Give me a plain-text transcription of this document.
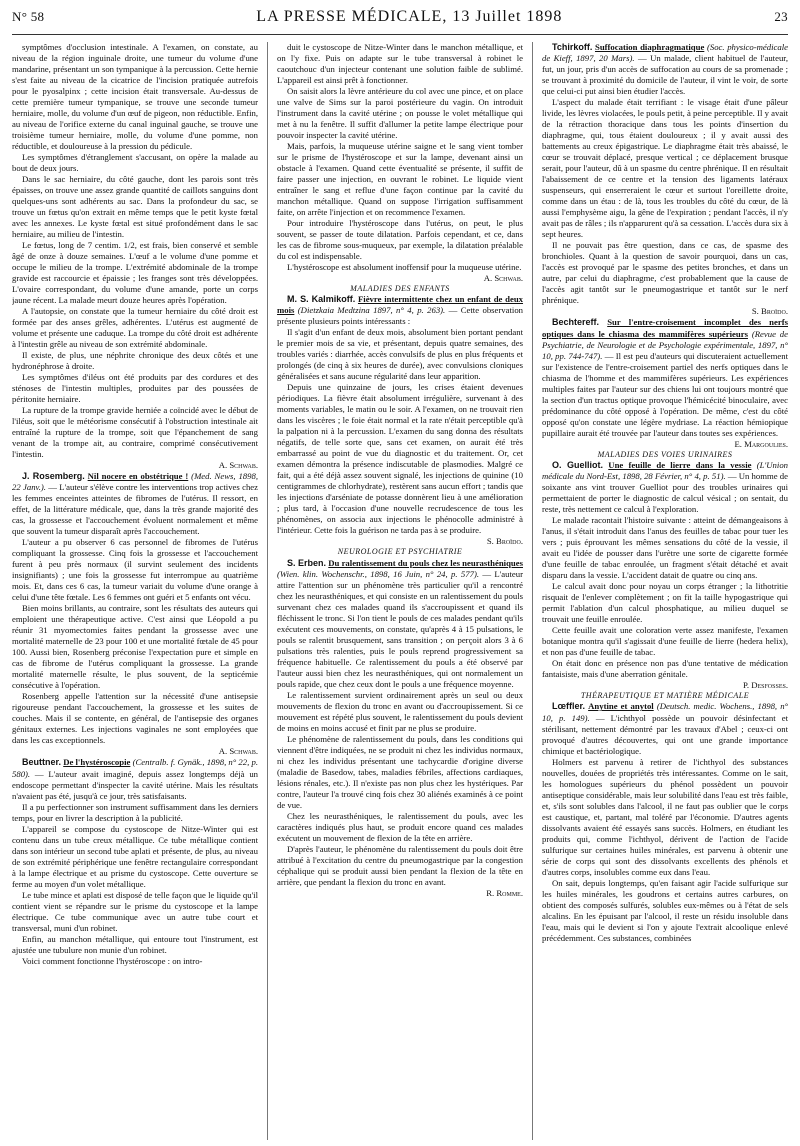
N° 58	LA PRESSE MÉDICALE, 13 Juillet 1898	23

symptômes d'occlusion intestinale. A l'examen, on constate, au niveau de la région inguinale droite, une tumeur du volume d'une mandarine, présentant un son tympanique à la percussion. Cette hernie s'est faite au niveau de la cicatrice de l'incision pratiquée autrefois pour le pyosalpinx ; cette incision était transversale. Au-dessus de cette première tumeur tympanique, se trouve une seconde tumeur herniaire, molle, du volume d'un œuf de pigeon, non réductible. Enfin, au niveau de l'orifice externe du canal inguinal gauche, se trouve une troisième tumeur herniaire, molle, du volume d'une pomme, non réductible, et douloureuse à la pression du pédicule.

Les symptômes d'étranglement s'accusant, on opère la malade au bout de deux jours.

Dans le sac herniaire, du côté gauche, dont les parois sont très épaisses, on trouve une assez grande quantité de caillots sanguins dont quelques-uns sont adhérents au sac. Dans la profondeur du sac, se trouve un fœtus qu'on extrait en même temps que le petit kyste fœtal avec les annexes. Le kyste fœtal est situé profondément dans le sac herniaire, au milieu de l'intestin.

Le fœtus, long de 7 centim. 1/2, est frais, bien conservé et semble âgé de onze à douze semaines. L'œuf a le volume d'une pomme et occupe le milieu de la trompe. L'extrémité abdominale de la trompe gravide est raccourcie et épaissie ; les franges sont très développées. L'ovaire correspondant, du volume d'une amande, porte un corps jaune récent. La malade meurt douze heures après l'opération.

A l'autopsie, on constate que la tumeur herniaire du côté droit est formée par des anses grêles, adhérentes. L'utérus est augmenté de volume et présente une caduque. La trompe du côté droit est adhérente à l'intestin grêle au niveau de son extrémité abdominale.

Il existe, de plus, une néphrite chronique des deux côtés et une hydronéphrose à droite.

Les symptômes d'iléus ont été produits par des cordures et des sténoses de l'intestin multiples, produites par des poussées de péritonite herniaire.

La rupture de la trompe gravide herniée a coïncidé avec le début de l'iléus, soit que le météorisme consécutif à l'obstruction intestinale ait entraîné la rupture de la trompe, soit que l'épanchement de sang venant de la trompe ait, au contraire, comprimé consécutivement l'intestin.

A. Schwab.

J. Rosemberg. Nil nocere en obstétrique ! (Med. News, 1898, 22 Janv.). — L'auteur s'élève contre les interventions trop actives chez les femmes enceintes atteintes de fibromes de l'utérus. Il ressort, en effet, de la littérature médicale, que, dans la très grande majorité des cas, la grossesse et l'accouchement évoluent normalement et même que souvent la tumeur disparaît après l'accouchement.

L'auteur a pu observer 6 cas personnel de fibromes de l'utérus compliquant la grossesse. Cinq fois la grossesse et l'accouchement furent à peu près normaux (il survint seulement des incidents insignifiants) ; une fois la grossesse fut interrompue au quatrième mois. Et, dans ces 6 cas, la tumeur variait du volume d'une orange à celui d'une tête fœtale. Les 6 femmes ont guéri et 5 enfants ont vécu.

Bien moins brillants, au contraire, sont les résultats des auteurs qui emploient une thérapeutique active. C'est ainsi que Léopold a pu réunir 31 myomectomies faites pendant la grossesse avec une mortalité maternelle de 23 pour 100 et une mortalité fœtale de 45 pour 100. Aussi bien, Rosenberg préconise l'expectation pure et simple en cas de fibrome de l'utérus compliquant la grossesse. La grande mortalité maternelle résulte, le plus souvent, de la septicémie consécutive à l'opération.

Rosenberg appelle l'attention sur la nécessité d'une antisepsie rigoureuse pendant l'accouchement, la grossesse et les suites de couches. Mais il se contente, en général, de l'antisepsie des organes génitaux externes. Les injections vaginales ne sont employées que dans les cas exceptionnels.

A. Schwab.

Beuttner. De l'hystéroscopie (Centralb. f. Gynäk., 1898, n° 22, p. 580). — L'auteur avait imaginé, depuis assez longtemps déjà un endoscope permettant d'inspecter la cavité utérine. Mais les résultats n'avaient pas été, jusqu'à ce jour, très satisfaisants.

Il a pu perfectionner son instrument suffisamment dans les derniers temps, pour en livrer la description à la publicité.

L'appareil se compose du cystoscope de Nitze-Winter qui est contenu dans un tube creux métallique. Ce tube métallique contient dans son intérieur un second tube aplati et présente, de plus, au niveau de son extrémité périphérique une fenêtre rectangulaire correspondant à la lampe électrique et au prisme du cystoscope. Cette ouverture se ferme au moyen d'un volet métallique.

Le tube mince et aplati est disposé de telle façon que le liquide qu'il contient vient se répandre sur le prisme du cystoscope et la lampe électrique. Ce tube communique avec un autre tube court et transversal, muni d'un robinet.

Enfin, au manchon métallique, qui entoure tout l'instrument, est ajustée une tubulure non munie d'un robinet.

Voici comment fonctionne l'hystéroscope : on intro-

duit le cystoscope de Nitze-Winter dans le manchon métallique, et on l'y fixe. Puis on adapte sur le tube transversal à robinet le caoutchouc d'un injecteur contenant une solution faible de sublimé. L'appareil est ainsi prêt à fonctionner.

On saisit alors la lèvre antérieure du col avec une pince, et on place une valve de Sims sur la paroi postérieure du vagin. On introduit l'instrument dans la cavité utérine ; on pousse le volet métallique qui met à nu la fenêtre. Il suffit d'allumer la petite lampe électrique pour pouvoir inspecter la cavité utérine.

Mais, parfois, la muqueuse utérine saigne et le sang vient tomber sur le prisme de l'hystéroscope et sur la lampe, devenant ainsi un obstacle à l'examen. Quand cette éventualité se présente, il suffit de faire passer une injection, en ouvrant le robinet. Le liquide vient entraîner le sang et reflue d'une façon continue par la cavité du manchon métallique. Quand on suppose l'irrigation suffisamment faite, on arrête l'injection et on recommence l'examen.

Pour introduire l'hystéroscope dans l'utérus, on peut, le plus souvent, se passer de toute dilatation. Parfois cependant, et ce, dans les cas de fibrome sous-muqueux, par exemple, la dilatation préalable du col est indispensable.

L'hystéroscope est absolument inoffensif pour la muqueuse utérine.

A. Schwab.

MALADIES DES ENFANTS

M. S. Kalmikoff. Fièvre intermittente chez un enfant de deux mois (Dietzkaia Medtzina 1897, n° 4, p. 263). — Cette observation présente plusieurs points intéressants :

Il s'agit d'un enfant de deux mois, absolument bien portant pendant le premier mois de sa vie, et présentant, depuis quatre semaines, des troubles variés : diarrhée, accès convulsifs de plus en plus fréquents et prolongés (de cinq à six heures de durée), avec convulsions cloniques généralisées et sans aucune régularité dans leur apparition.

Depuis une quinzaine de jours, les crises étaient devenues périodiques. La fièvre était absolument irrégulière, survenant à des moments variables, le matin ou le soir. A l'examen, on ne trouvait rien dans les viscères ; le foie était normal et la rate n'était perceptible qu'à la palpation ni à la percussion. L'examen du sang donna des résultats négatifs, de telle sorte que, sans cet examen, on aurait été très embarrassé au point de vue du diagnostic et du traitement. Or, cet examen démontra la présence indiscutable de plasmodies. Malgré ce fait, qui a été déjà assez souvent signalé, les injections de quinine (10 centigrammes de chlorhydrate), restèrent sans aucun effort ; tandis que les injections d'arséniate de potasse donnèrent lieu à une amélioration ; plus tard, à l'occasion d'une nouvelle recrudescence de tous les phénomènes, on associa aux injections le phénocolle administré à l'intérieur. Cette fois la guérison ne tarda pas à se produire.

S. Broïdo.

NEUROLOGIE ET PSYCHIATRIE

S. Erben. Du ralentissement du pouls chez les neurasthéniques (Wien. klin. Wochenschr., 1898, 16 Juin, n° 24, p. 577). — L'auteur attire l'attention sur un phénomène très particulier qu'il a rencontré chez les neurasthéniques, et qui consiste en un ralentissement du pouls survenant chez ces malades quand ils s'accroupissent et quand ils fléchissent le tronc. Si l'on tient le pouls de ces malades pendant qu'ils exécutent ces mouvements, on constate, qu'après 4 à 15 pulsations, le pouls se ralentit brusquement, sans transition ; on perçoit alors 3 à 6 pulsations très ralenties, puis le pouls reprend progressivement sa fréquence habituelle. Ce ralentissement du pouls a été observé par l'auteur aussi bien chez les neurasthéniques, qui ont normalement un pouls rapide, que chez ceux dont le pouls a une fréquence moyenne.

Le ralentissement survient ordinairement après un seul ou deux mouvements de flexion du tronc en avant ou d'accroupissement. Si ce mouvement est répété plus souvent, le ralentissement du pouls devient de moins en moins accusé et finit par ne plus se produire.

Le phénomène de ralentissement du pouls, dans les conditions qui viennent d'être indiquées, ne se produit ni chez les individus normaux, ni chez les individus présentant une tachycardie d'origine diverse (maladie de Basedow, tabes, maladies fébriles, affections cardiaques, lésions rénales, etc.). Il n'existe pas non plus chez les hystériques. Par contre, l'auteur l'a trouvé cinq fois chez 30 aliénés examinés à ce point de vue.

Chez les neurasthéniques, le ralentissement du pouls, avec les caractères indiqués plus haut, se produit encore quand ces malades exécutent un mouvement de flexion de la tête en arrière.

D'après l'auteur, le phénomène du ralentissement du pouls doit être attribué à l'excitation du centre du pneumogastrique par la congestion céphalique qui se produit aussi bien pendant la flexion de la tête en arrière, que pendant la flexion du tronc en avant.

R. Romme.

Tchirkoff. Suffocation diaphragmatique (Soc. physico-médicale de Kieff, 1897, 20 Mars). — Un malade, client habituel de l'auteur, fut, un jour, pris d'un accès de suffocation au cours de sa promenade ; se trouvant à proximité du domicile de l'auteur, il vint le voir, de sorte que celui-ci put ainsi bien étudier l'accès.

L'aspect du malade était terrifiant : le visage était d'une pâleur livide, les lèvres violacées, le pouls petit, à peine perceptible. Il y avait de la rétraction thoracique dans tous les points d'insertion du diaphragme, qui, tous étaient douloureux ; il y avait aussi des battements au creux épigastrique. Le diaphragme était très abaissé, le cœur se trouvait déplacé, presque vertical ; ce déplacement brusque serait, pour l'auteur, dû à un spasme du centre phrénique. Il en résultait l'abaissement de ce centre et la tension des ligaments latéraux suspenseurs, qui enserreraient le cœur et surtout l'oreillette droite, comme dans un étau : de là, tous les troubles du côté du cœur, de là aussi l'emphysème aigu, la gêne de l'expiration ; pendant l'accès, il n'y avait pas de râles ; ils n'apparurent qu'à sa cessation. L'accès dura six à sept heures.

Il ne pouvait pas être question, dans ce cas, de spasme des bronchioles. Quant à la question de savoir pourquoi, dans un cas, l'accès est provoqué par le spasme des petites bronches, et dans un autre, par celui du diaphragme, c'est probablement que la cause de l'accès agit tantôt sur le pneumogastrique et tantôt sur le nerf phrénique.

S. Broïdo.

Bechtereff. Sur l'entre-croisement incomplet des nerfs optiques dans le chiasma des mammifères supérieurs (Revue de Psychiatrie, de Neurologie et de Psychologie expérimentale, 1897, n° 10, pp. 744-747). — Il est peu d'auteurs qui discuteraient actuellement sur l'existence de l'entre-croisement partiel des nerfs optiques dans le chiasma de l'homme et des mammifères supérieurs. Les expériences multiples faites par l'auteur sur des chiens lui ont toujours montré que la section d'un tractus optique provoque l'hémicécité binoculaire, avec prédominance du côté opposé à l'opération. De même, c'est du côté opposé qu'on constate une légère mydriase. La réaction hémiopique pupillaire aurait été trouvée par l'auteur dans toutes ses expériences.

E. Margoulies.

MALADIES DES VOIES URINAIRES

O. Guelliot. Une feuille de lierre dans la vessie (L'Union médicale du Nord-Est, 1898, 28 Février, n° 4, p. 51). — Un homme de soixante ans vint trouver Guelliot pour des troubles urinaires qui permettaient de porter le diagnostic de calcul vésical ; on sentait, du reste, très nettement ce calcul à l'exploration.

Le malade racontait l'histoire suivante : atteint de démangeaisons à l'anus, il s'était introduit dans l'anus des feuilles de tabac pour tuer les vers ; puis éprouvant les mêmes sensations du côté de la vessie, il avait eu l'idée de pousser dans l'urètre une sorte de cigarette formée d'une feuille de tabac enroulée, un fragment s'était détaché et avait disparu dans la vessie. L'accident datait de quatre ou cinq ans.

Le calcul avait donc pour noyau un corps étranger ; la lithotritie risquait de l'enlever complètement ; on fit la taille hypogastrique qui permit l'ablation d'un calcul phosphatique, au milieu duquel se trouvait une feuille enroulée.

Cette feuille avait une coloration verte assez manifeste, l'examen botanique montra qu'il s'agissait d'une feuille de lierre (hedera helix), et non pas d'une feuille de tabac.

On était donc en présence non pas d'une tentative de médication fantaisiste, mais d'une aberration génitale.

P. Desfosses.

THÉRAPEUTIQUE ET MATIÈRE MÉDICALE

Lœffler. Anytine et anytol (Deutsch. medic. Wochens., 1898, n° 10, p. 149). — L'ichthyol possède un pouvoir désinfectant et stérilisant, nettement démontré par les travaux d'Abel ; ceux-ci ont provoqué d'autres découvertes, qui ont une grande importance chimique et bactériologique.

Holmers est parvenu à retirer de l'ichthyol des substances nouvelles, douées de propriétés très intéressantes. Comme on le sait, les homologues supérieurs du phénol possèdent un pouvoir antiseptique considérable, mais leur solubilité dans l'eau est très faible, et, s'ils sont solubles dans l'alcool, il ne faut pas oublier que le corps est caustique, et, partant, mal toléré par l'économie. D'autres agents dissolvants avaient été essayés sans succès. Holmers, en étudiant les produits qui, comme l'ichthyol, dérivent de l'action de l'acide sulfurique sur certaines huiles minérales, est parvenu à obtenir une série de corps qui sont des dissolvants excellents des phénols et d'autres corps, insolubles comme eux dans l'eau.

On sait, depuis longtemps, qu'en faisant agir l'acide sulfurique sur les huiles minérales, les goudrons et certains autres carbures, on obtient des composés sulfurés, solubles eux-mêmes ou à l'état de sels alcalins. En les épuisant par l'alcool, il reste un résidu insoluble dans l'eau, mais qui le devient si l'on y ajoute l'extrait alcoolique enlevé précédemment. Ces substances, combinées
